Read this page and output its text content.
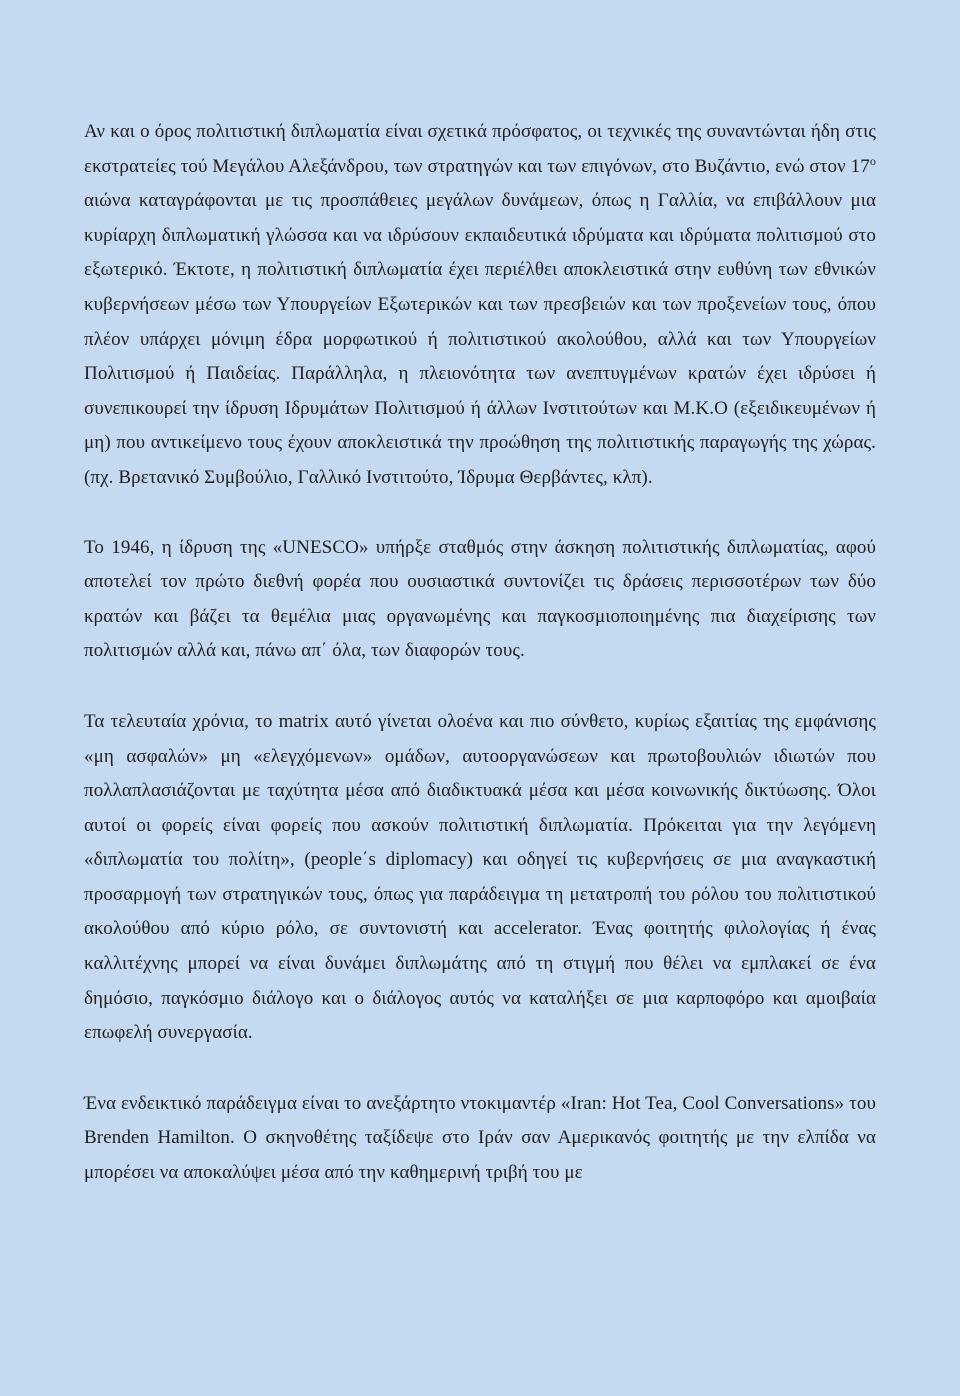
Αν και ο όρος πολιτιστική διπλωματία είναι σχετικά πρόσφατος, οι τεχνικές της συναντώνται ήδη στις εκστρατείες τού Μεγάλου Αλεξάνδρου, των στρατηγών και των επιγόνων, στο Βυζάντιο, ενώ στον $17^o$ αιώνα καταγράφονται με τις προσπάθειες μεγάλων δυνάμεων, όπως η Γαλλία, να επιβάλλουν μια κυρίαρχη διπλωματική γλώσσα και να ιδρύσουν εκπαιδευτικά ιδρύματα και ιδρύματα πολιτισμού στο εξωτερικό. Έκτοτε, η πολιτιστική διπλωματία έχει περιέλθει αποκλειστικά στην ευθύνη των εθνικών κυβερνήσεων μέσω των Υπουργείων Εξωτερικών και των πρεσβειών και των προξενείων τους, όπου πλέον υπάρχει μόνιμη έδρα μορφωτικού ή πολιτιστικού ακολούθου, αλλά και των Υπουργείων Πολιτισμού ή Παιδείας. Παράλληλα, η πλειονότητα των ανεπτυγμένων κρατών έχει ιδρύσει ή συνεπικουρεί την ίδρυση Ιδρυμάτων Πολιτισμού ή άλλων Ινστιτούτων και Μ.Κ.Ο (εξειδικευμένων ή μη) που αντικείμενο τους έχουν αποκλειστικά την προώθηση της πολιτιστικής παραγωγής της χώρας. (πχ. Βρετανικό Συμβούλιο, Γαλλικό Ινστιτούτο, Ίδρυμα Θερβάντες, κλπ).

Το 1946, η ίδρυση της «UNESCO» υπήρξε σταθμός στην άσκηση πολιτιστικής διπλωματίας, αφού αποτελεί τον πρώτο διεθνή φορέα που ουσιαστικά συντονίζει τις δράσεις περισσοτέρων των δύο κρατών και βάζει τα θεμέλια μιας οργανωμένης και παγκοσμιοποιημένης πια διαχείρισης των πολιτισμών αλλά και, πάνω απ΄ όλα, των διαφορών τους.

Τα τελευταία χρόνια, το matrix αυτό γίνεται ολοένα και πιο σύνθετο, κυρίως εξαιτίας της εμφάνισης «μη ασφαλών» μη «ελεγχόμενων» ομάδων, αυτοοργανώσεων και πρωτοβουλιών ιδιωτών που πολλαπλασιάζονται με ταχύτητα μέσα από διαδικτυακά μέσα και μέσα κοινωνικής δικτύωσης. Όλοι αυτοί οι φορείς είναι φορείς που ασκούν πολιτιστική διπλωματία. Πρόκειται για την λεγόμενη «διπλωματία του πολίτη», (people΄s diplomacy) και οδηγεί τις κυβερνήσεις σε μια αναγκαστική προσαρμογή των στρατηγικών τους, όπως για παράδειγμα τη μετατροπή του ρόλου του πολιτιστικού ακολούθου από κύριο ρόλο, σε συντονιστή και accelerator. Ένας φοιτητής φιλολογίας ή ένας καλλιτέχνης μπορεί να είναι δυνάμει διπλωμάτης από τη στιγμή που θέλει να εμπλακεί σε ένα δημόσιο, παγκόσμιο διάλογο και ο διάλογος αυτός να καταλήξει σε μια καρποφόρο και αμοιβαία επωφελή συνεργασία.

Ένα ενδεικτικό παράδειγμα είναι το ανεξάρτητο ντοκιμαντέρ «Iran: Hot Tea, Cool Conversations» του Brenden Hamilton. Ο σκηνοθέτης ταξίδεψε στο Ιράν σαν Αμερικανός φοιτητής με την ελπίδα να μπορέσει να αποκαλύψει μέσα από την καθημερινή τριβή του με
